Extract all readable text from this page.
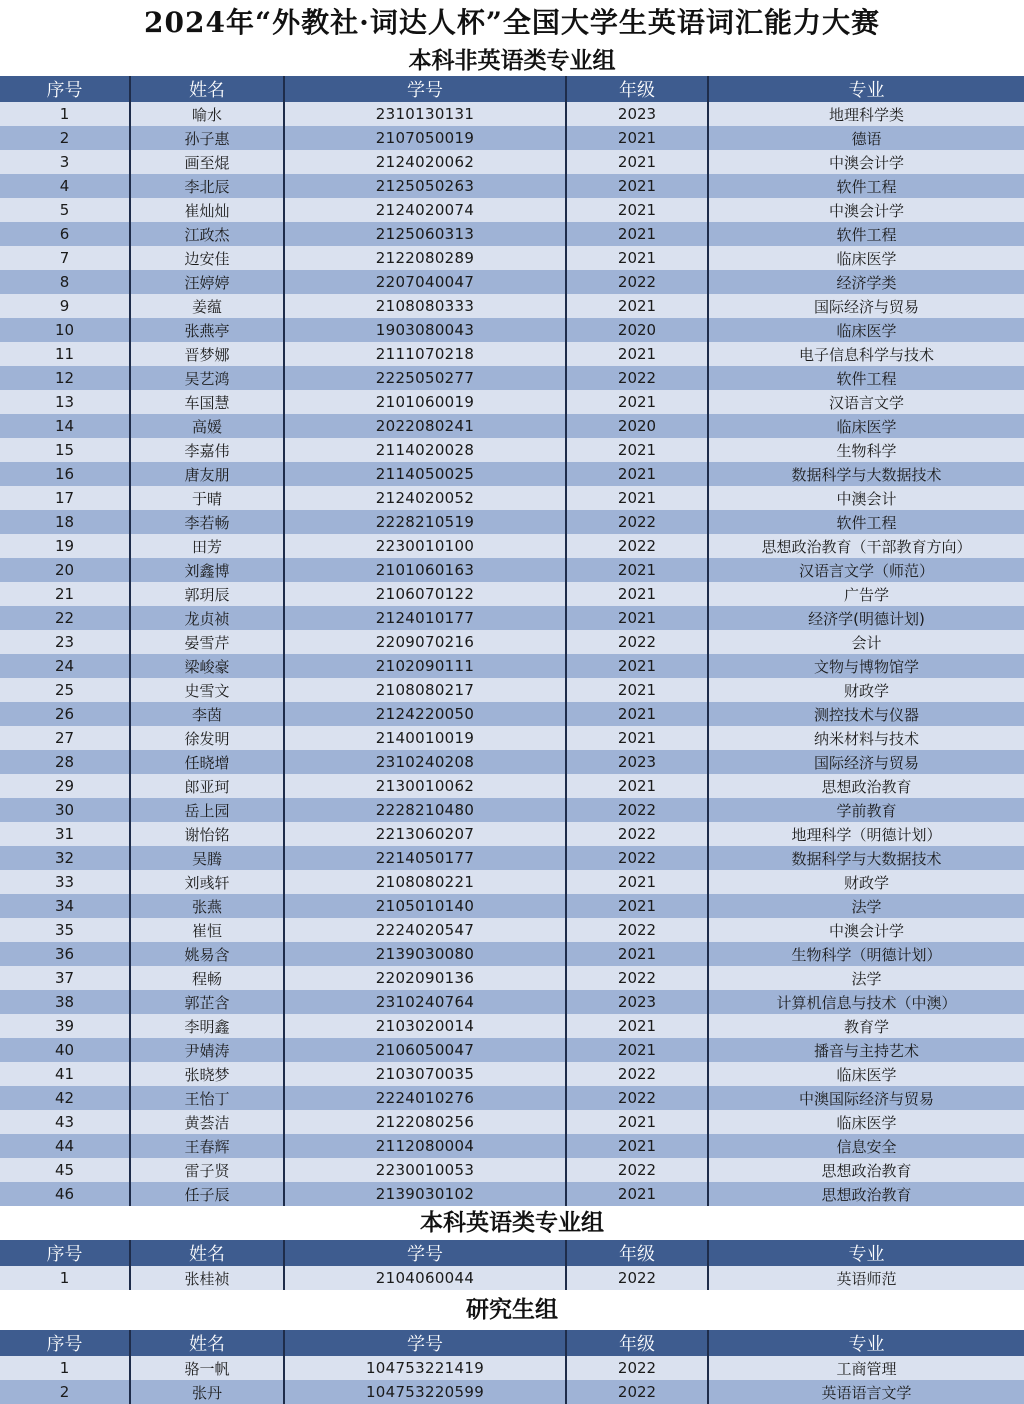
2024年“外教社·词达人杯”全国大学生英语词汇能力大赛
本科非英语类专业组
序号	姓名	学号	年级	专业
1	喻水	2310130131	2023	地理科学类
2	孙子惠	2107050019	2021	德语
3	画至焜	2124020062	2021	中澳会计学
4	李北辰	2125050263	2021	软件工程
5	崔灿灿	2124020074	2021	中澳会计学
6	江政杰	2125060313	2021	软件工程
7	边安佳	2122080289	2021	临床医学
8	汪婷婷	2207040047	2022	经济学类
9	姜蕴	2108080333	2021	国际经济与贸易
10	张燕亭	1903080043	2020	临床医学
11	晋梦娜	2111070218	2021	电子信息科学与技术
12	吴艺鸿	2225050277	2022	软件工程
13	车国慧	2101060019	2021	汉语言文学
14	高媛	2022080241	2020	临床医学
15	李嘉伟	2114020028	2021	生物科学
16	唐友朋	2114050025	2021	数据科学与大数据技术
17	于晴	2124020052	2021	中澳会计
18	李若畅	2228210519	2022	软件工程
19	田芳	2230010100	2022	思想政治教育（干部教育方向）
20	刘鑫博	2101060163	2021	汉语言文学（师范）
21	郭玥辰	2106070122	2021	广告学
22	龙贞祯	2124010177	2021	经济学(明德计划)
23	晏雪芹	2209070216	2022	会计
24	梁峻豪	2102090111	2021	文物与博物馆学
25	史雪文	2108080217	2021	财政学
26	李茵	2124220050	2021	测控技术与仪器
27	徐发明	2140010019	2021	纳米材料与技术
28	任晓增	2310240208	2023	国际经济与贸易
29	郎亚珂	2130010062	2021	思想政治教育
30	岳上园	2228210480	2022	学前教育
31	谢怡铭	2213060207	2022	地理科学（明德计划）
32	吴腾	2214050177	2022	数据科学与大数据技术
33	刘彧轩	2108080221	2021	财政学
34	张燕	2105010140	2021	法学
35	崔恒	2224020547	2022	中澳会计学
36	姚易含	2139030080	2021	生物科学（明德计划）
37	程畅	2202090136	2022	法学
38	郭芷含	2310240764	2023	计算机信息与技术（中澳）
39	李明鑫	2103020014	2021	教育学
40	尹婧涛	2106050047	2021	播音与主持艺术
41	张晓梦	2103070035	2022	临床医学
42	王怡丁	2224010276	2022	中澳国际经济与贸易
43	黄荟洁	2122080256	2021	临床医学
44	王春辉	2112080004	2021	信息安全
45	雷子贤	2230010053	2022	思想政治教育
46	任子辰	2139030102	2021	思想政治教育
本科英语类专业组
序号	姓名	学号	年级	专业
1	张桂祯	2104060044	2022	英语师范
研究生组
序号	姓名	学号	年级	专业
1	骆一帆	104753221419	2022	工商管理
2	张丹	104753220599	2022	英语语言文学
